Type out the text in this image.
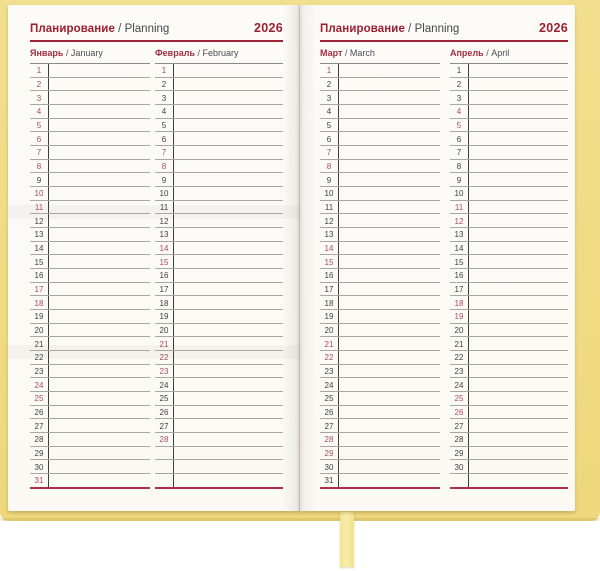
Планирование / Planning	2026
Январь / January
1
2
3
4
5
6
7
8
9
10
11
12
13
14
15
16
17
18
19
20
21
22
23
24
25
26
27
28
29
30
31
Февраль / February
1
2
3
4
5
6
7
8
9
10
11
12
13
14
15
16
17
18
19
20
21
22
23
24
25
26
27
28
Планирование / Planning	2026
Март / March
1
2
3
4
5
6
7
8
9
10
11
12
13
14
15
16
17
18
19
20
21
22
23
24
25
26
27
28
29
30
31
Апрель / April
1
2
3
4
5
6
7
8
9
10
11
12
13
14
15
16
17
18
19
20
21
22
23
24
25
26
27
28
29
30
